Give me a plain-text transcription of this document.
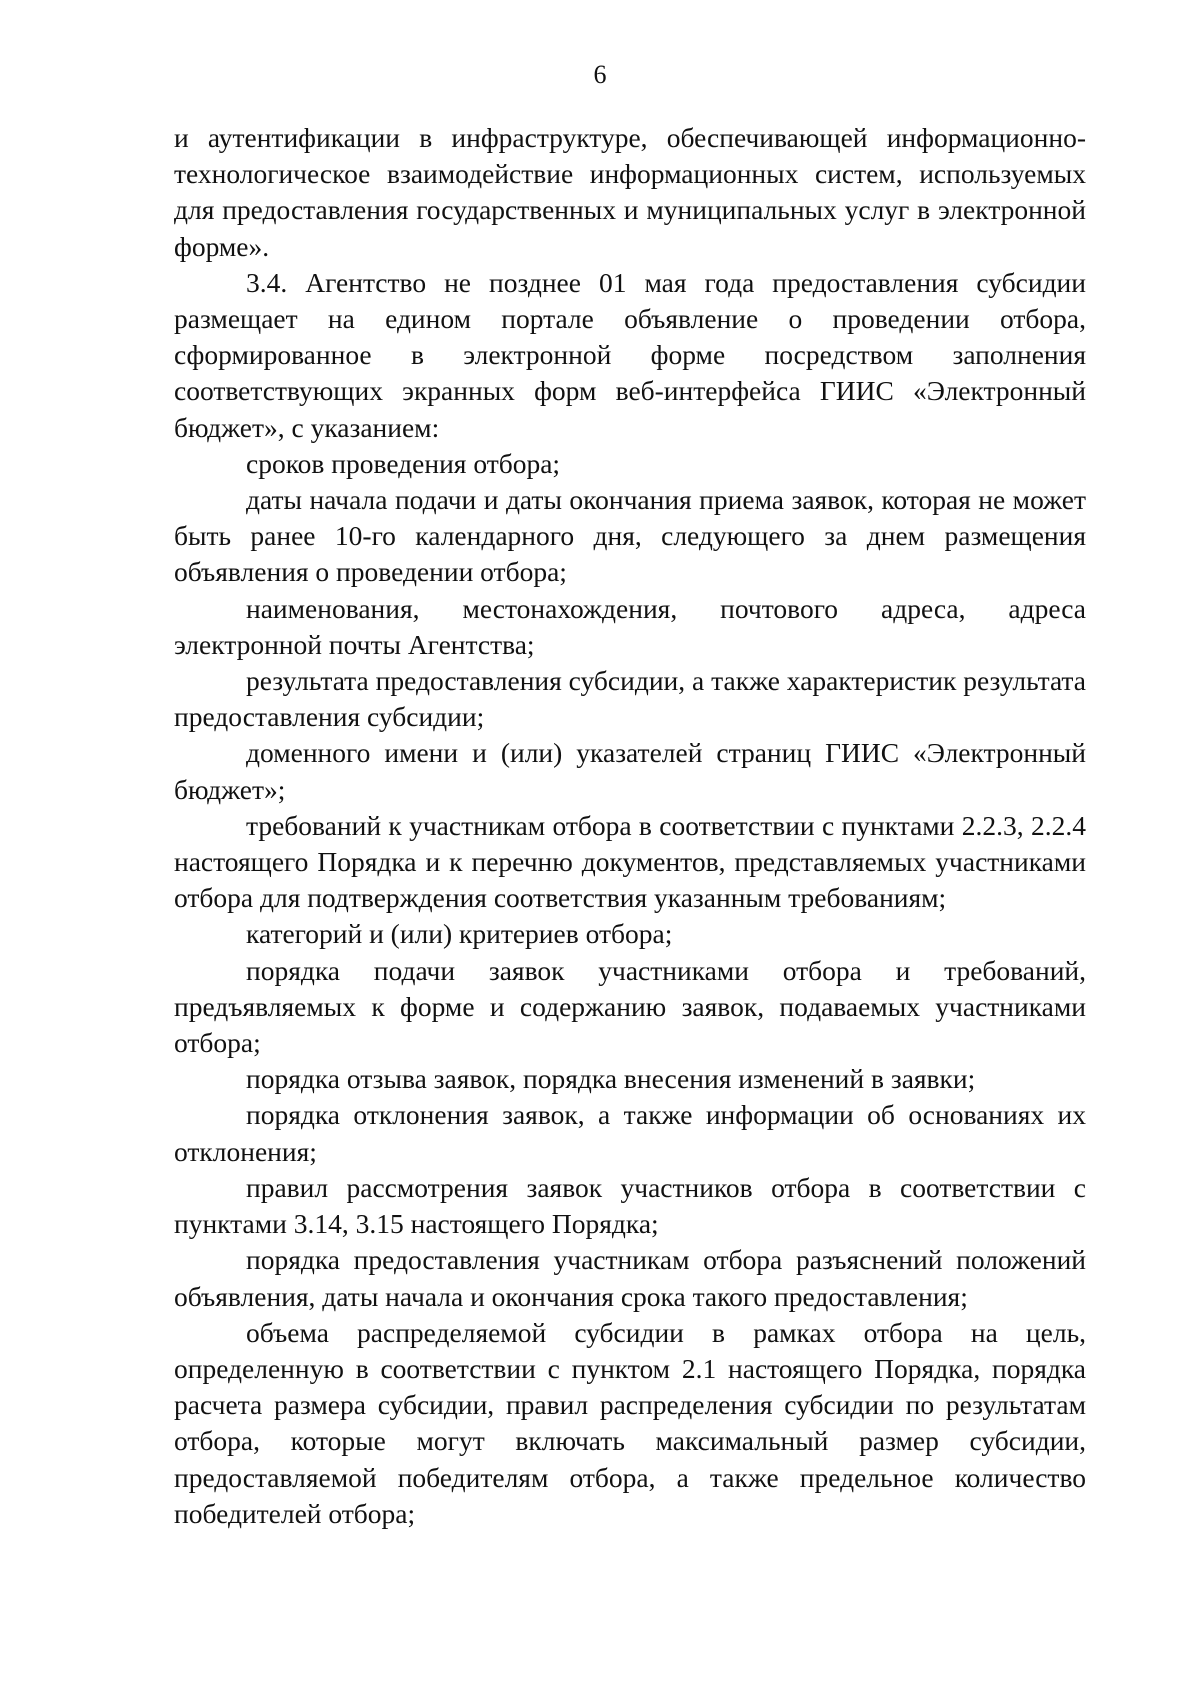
6

и аутентификации в инфраструктуре, обеспечивающей информационно-технологическое взаимодействие информационных систем, используемых для предоставления государственных и муниципальных услуг в электронной форме».

3.4. Агентство не позднее 01 мая года предоставления субсидии размещает на едином портале объявление о проведении отбора, сформированное в электронной форме посредством заполнения соответствующих экранных форм веб-интерфейса ГИИС «Электронный бюджет», с указанием:

сроков проведения отбора;

даты начала подачи и даты окончания приема заявок, которая не может быть ранее 10-го календарного дня, следующего за днем размещения объявления о проведении отбора;

наименования, местонахождения, почтового адреса, адреса электронной почты Агентства;

результата предоставления субсидии, а также характеристик результата предоставления субсидии;

доменного имени и (или) указателей страниц ГИИС «Электронный бюджет»;

требований к участникам отбора в соответствии с пунктами 2.2.3, 2.2.4 настоящего Порядка и к перечню документов, представляемых участниками отбора для подтверждения соответствия указанным требованиям;

категорий и (или) критериев отбора;

порядка подачи заявок участниками отбора и требований, предъявляемых к форме и содержанию заявок, подаваемых участниками отбора;

порядка отзыва заявок, порядка внесения изменений в заявки;

порядка отклонения заявок, а также информации об основаниях их отклонения;

правил рассмотрения заявок участников отбора в соответствии с пунктами 3.14, 3.15 настоящего Порядка;

порядка предоставления участникам отбора разъяснений положений объявления, даты начала и окончания срока такого предоставления;

объема распределяемой субсидии в рамках отбора на цель, определенную в соответствии с пунктом 2.1 настоящего Порядка, порядка расчета размера субсидии, правил распределения субсидии по результатам отбора, которые могут включать максимальный размер субсидии, предоставляемой победителям отбора, а также предельное количество победителей отбора;
